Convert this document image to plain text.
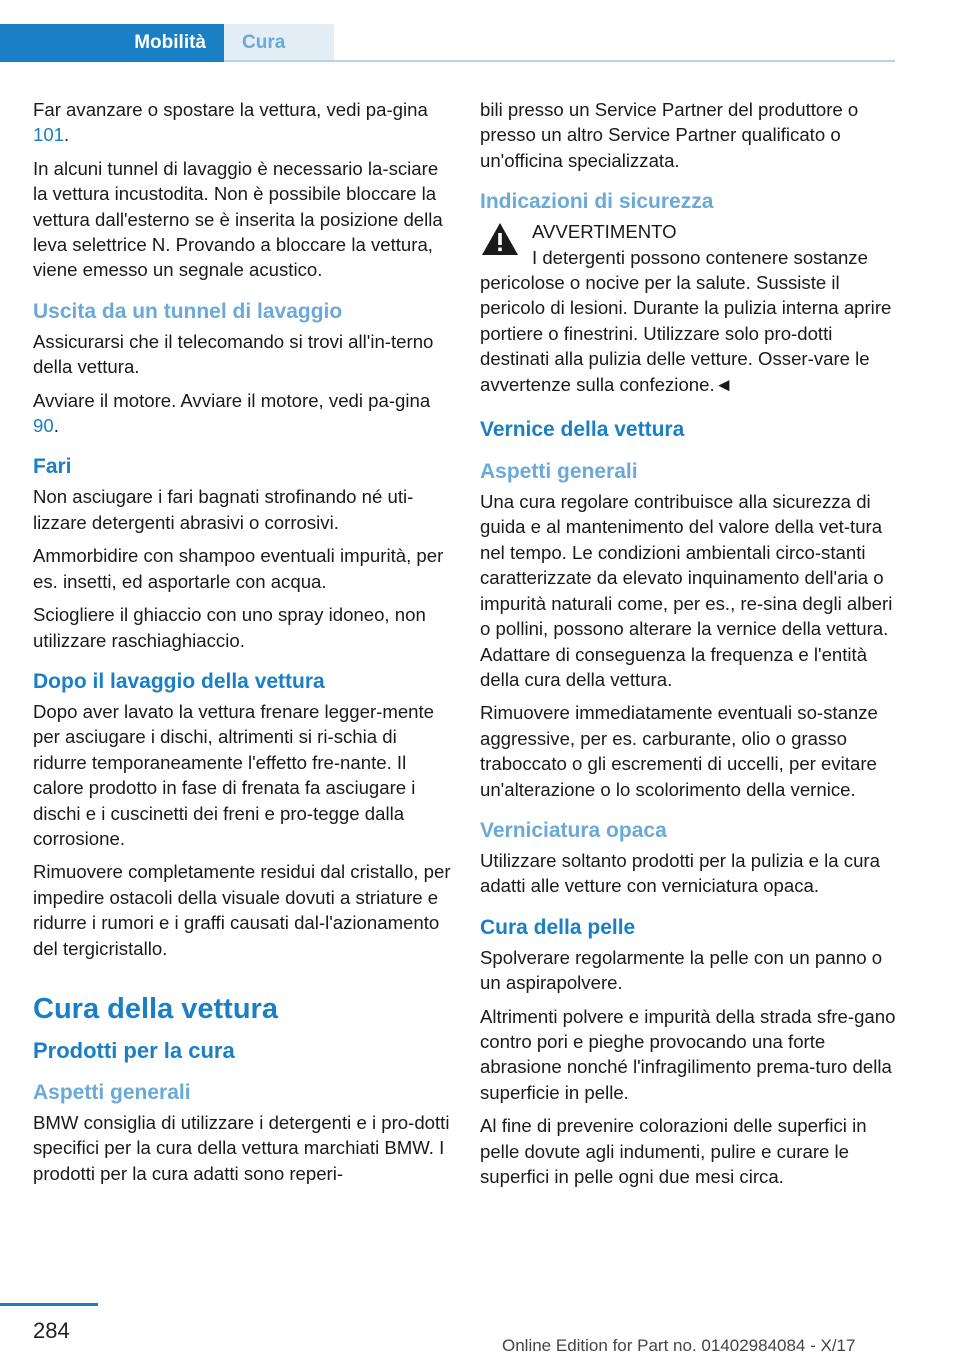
Mobilità	Cura

Far avanzare o spostare la vettura, vedi pa-gina 101.

In alcuni tunnel di lavaggio è necessario la-sciare la vettura incustodita. Non è possibile bloccare la vettura dall'esterno se è inserita la posizione della leva selettrice N. Provando a bloccare la vettura, viene emesso un segnale acustico.

Uscita da un tunnel di lavaggio

Assicurarsi che il telecomando si trovi all'in-terno della vettura.

Avviare il motore. Avviare il motore, vedi pa-gina 90.

Fari

Non asciugare i fari bagnati strofinando né uti-lizzare detergenti abrasivi o corrosivi.

Ammorbidire con shampoo eventuali impurità, per es. insetti, ed asportarle con acqua.

Sciogliere il ghiaccio con uno spray idoneo, non utilizzare raschiaghiaccio.

Dopo il lavaggio della vettura

Dopo aver lavato la vettura frenare legger-mente per asciugare i dischi, altrimenti si ri-schia di ridurre temporaneamente l'effetto fre-nante. Il calore prodotto in fase di frenata fa asciugare i dischi e i cuscinetti dei freni e pro-tegge dalla corrosione.

Rimuovere completamente residui dal cristallo, per impedire ostacoli della visuale dovuti a striature e ridurre i rumori e i graffi causati dal-l'azionamento del tergicristallo.

Cura della vettura
Prodotti per la cura
Aspetti generali

BMW consiglia di utilizzare i detergenti e i pro-dotti specifici per la cura della vettura marchiati BMW. I prodotti per la cura adatti sono reperi-

bili presso un Service Partner del produttore o presso un altro Service Partner qualificato o un'officina specializzata.

Indicazioni di sicurezza
AVVERTIMENTO

I detergenti possono contenere sostanze pericolose o nocive per la salute. Sussiste il pericolo di lesioni. Durante la pulizia interna aprire portiere o finestrini. Utilizzare solo pro-dotti destinati alla pulizia delle vetture. Osser-vare le avvertenze sulla confezione.◄

Vernice della vettura
Aspetti generali

Una cura regolare contribuisce alla sicurezza di guida e al mantenimento del valore della vet-tura nel tempo. Le condizioni ambientali circo-stanti caratterizzate da elevato inquinamento dell'aria o impurità naturali come, per es., re-sina degli alberi o pollini, possono alterare la vernice della vettura. Adattare di conseguenza la frequenza e l'entità della cura della vettura.

Rimuovere immediatamente eventuali so-stanze aggressive, per es. carburante, olio o grasso traboccato o gli escrementi di uccelli, per evitare un'alterazione o lo scolorimento della vernice.

Verniciatura opaca

Utilizzare soltanto prodotti per la pulizia e la cura adatti alle vetture con verniciatura opaca.

Cura della pelle

Spolverare regolarmente la pelle con un panno o un aspirapolvere.

Altrimenti polvere e impurità della strada sfre-gano contro pori e pieghe provocando una forte abrasione nonché l'infragilimento prema-turo della superficie in pelle.

Al fine di prevenire colorazioni delle superfici in pelle dovute agli indumenti, pulire e curare le superfici in pelle ogni due mesi circa.

284
Online Edition for Part no. 01402984084 - X/17
